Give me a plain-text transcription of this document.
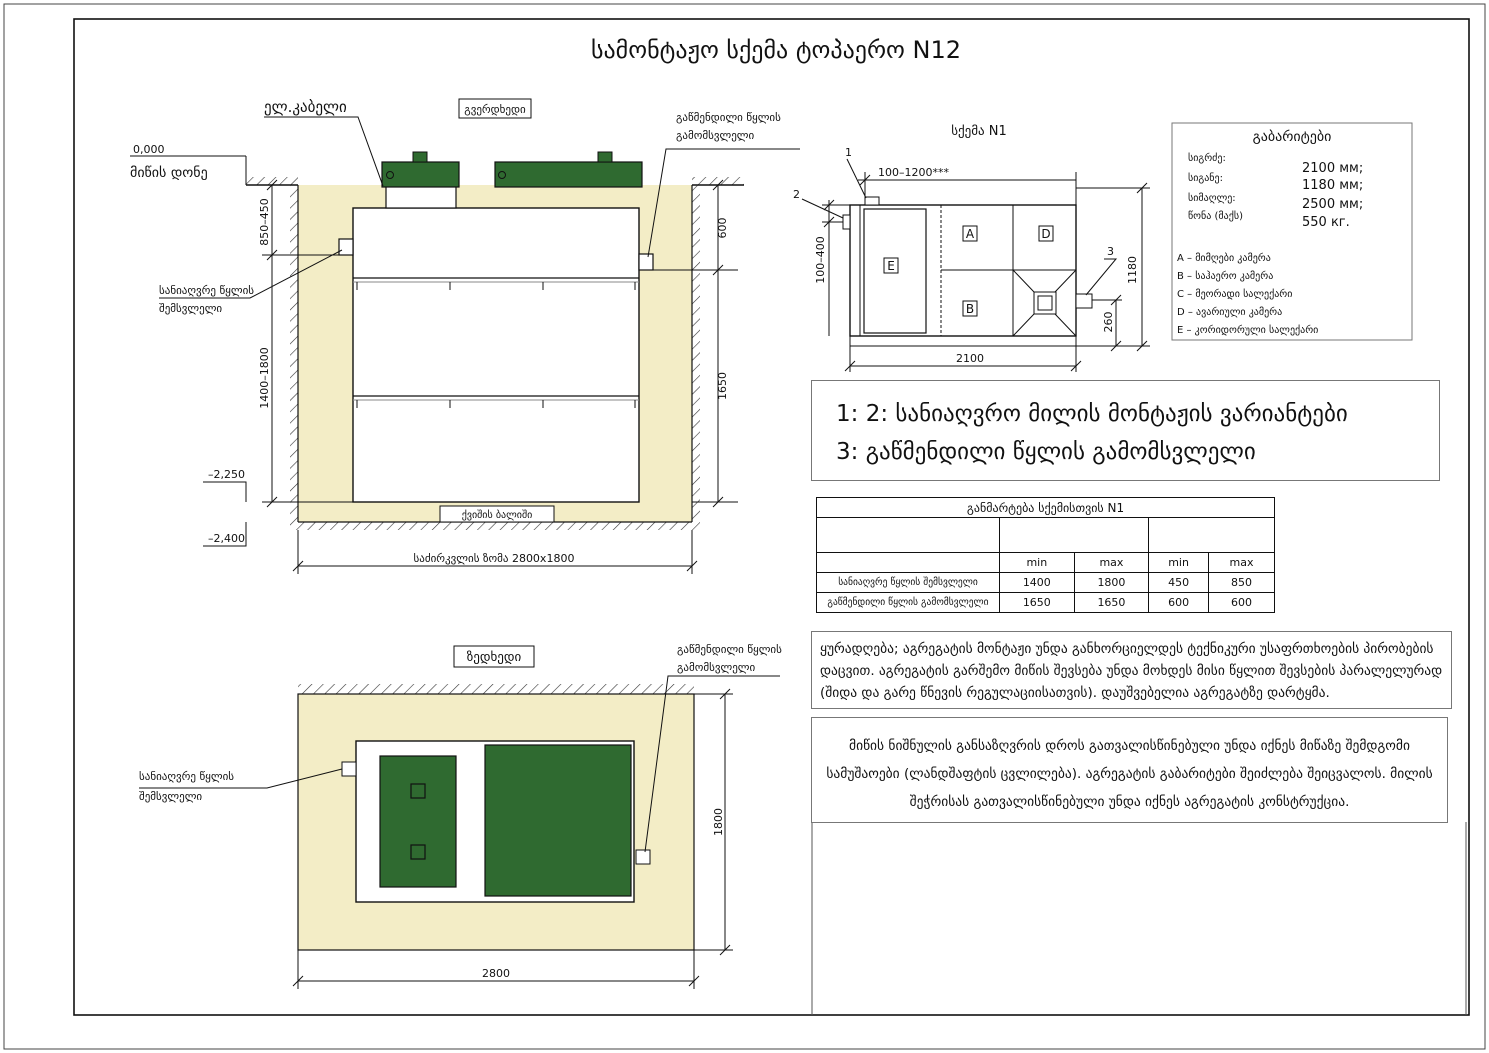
სამონტაჟო სქემა ტოპაერო N12
ქვიშის ბალიში
გვერდხედი
ელ.კაბელი
0,000
მიწის დონე
გაწმენდილი წყლის
გამომსვლელი
სანიაღვრე წყლის
შემსვლელი
850–450
1400–1800
600
1650
–2,250
–2,400
საძირკვლის ზომა 2800x1800
ზედხედი
გაწმენდილი წყლის
გამომსვლელი
სანიაღვრე წყლის
შემსვლელი
2800
1800
სქემა N1
A	D
E
B
1
2
3
100–1200***
100–400	1180
260
2100
გაბარიტები
სიგრძე:
2100 мм;
სიგანე:	1180 мм;
სიმაღლე:	2500 мм;
წონა (მაქს)	550 кг.
A – მიმღები კამერა
B – საჰაერო კამერა
C – მეორადი სალექარი
D – ავარიული კამერა
E – კორიდორული სალექარი
1: 2: სანიაღვრო მილის მონტაჟის ვარიანტები
3: გაწმენდილი წყლის გამომსვლელი
განმარტება სქემისთვის N1				

	min	max	min	max
სანიაღვრე წყლის შემსვლელი	1400	1800	450	850
გაწმენდილი წყლის გამომსვლელი	1650	1650	600	600
ყურადღება; აგრეგატის მონტაჟი უნდა განხორციელდეს ტექნიკური უსაფრთხოების პირობების დაცვით. აგრეგატის გარშემო მიწის შევსება უნდა მოხდეს მისი წყლით შევსების პარალელურად (შიდა და გარე წნევის რეგულაციისათვის). დაუშვებელია აგრეგატზე დარტყმა.
მიწის ნიშნულის განსაზღვრის დროს გათვალისწინებული უნდა იქნეს მიწაზე შემდგომი სამუშაოები (ლანდშაფტის ცვლილება). აგრეგატის გაბარიტები შეიძლება შეიცვალოს. მილის შეჭრისას გათვალისწინებული უნდა იქნეს აგრეგატის კონსტრუქცია.
